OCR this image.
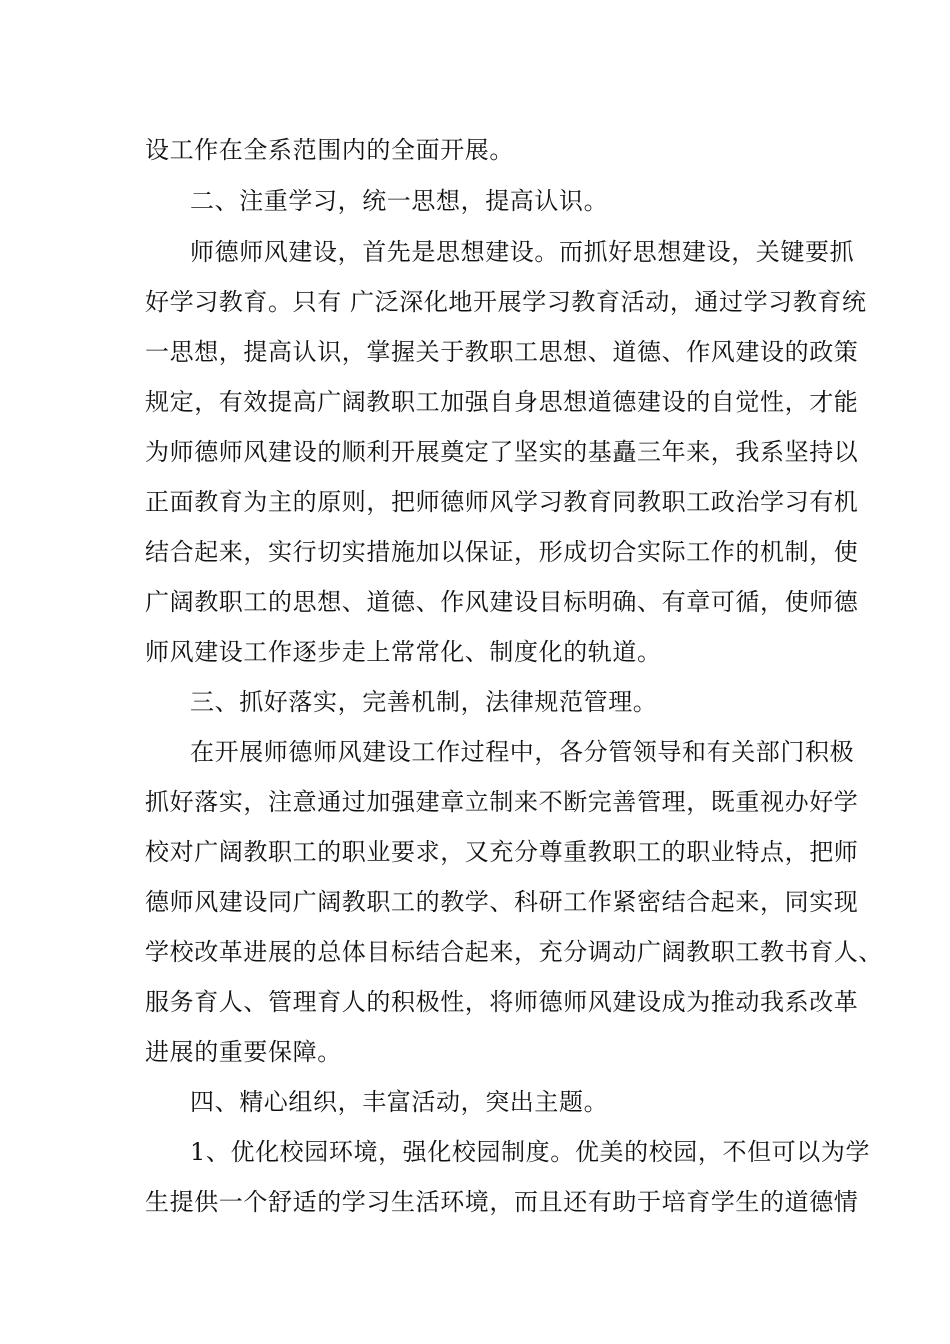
设工作在全系范围内的全面开展。
二、注重学习，统一思想，提高认识。
师德师风建设，首先是思想建设。而抓好思想建设，关键要抓
好学习教育。只有 广泛深化地开展学习教育活动，通过学习教育统
一思想，提高认识，掌握关于教职工思想、道德、作风建设的政策
规定，有效提高广阔教职工加强自身思想道德建设的自觉性，才能
为师德师风建设的顺利开展奠定了坚实的基矗三年来，我系坚持以
正面教育为主的原则，把师德师风学习教育同教职工政治学习有机
结合起来，实行切实措施加以保证，形成切合实际工作的机制，使
广阔教职工的思想、道德、作风建设目标明确、有章可循，使师德
师风建设工作逐步走上常常化、制度化的轨道。
三、抓好落实，完善机制，法律规范管理。
在开展师德师风建设工作过程中，各分管领导和有关部门积极
抓好落实，注意通过加强建章立制来不断完善管理，既重视办好学
校对广阔教职工的职业要求，又充分尊重教职工的职业特点，把师
德师风建设同广阔教职工的教学、科研工作紧密结合起来，同实现
学校改革进展的总体目标结合起来，充分调动广阔教职工教书育人、
服务育人、管理育人的积极性，将师德师风建设成为推动我系改革
进展的重要保障。
四、精心组织，丰富活动，突出主题。
1、优化校园环境，强化校园制度。优美的校园，不但可以为学
生提供一个舒适的学习生活环境，而且还有助于培育学生的道德情
